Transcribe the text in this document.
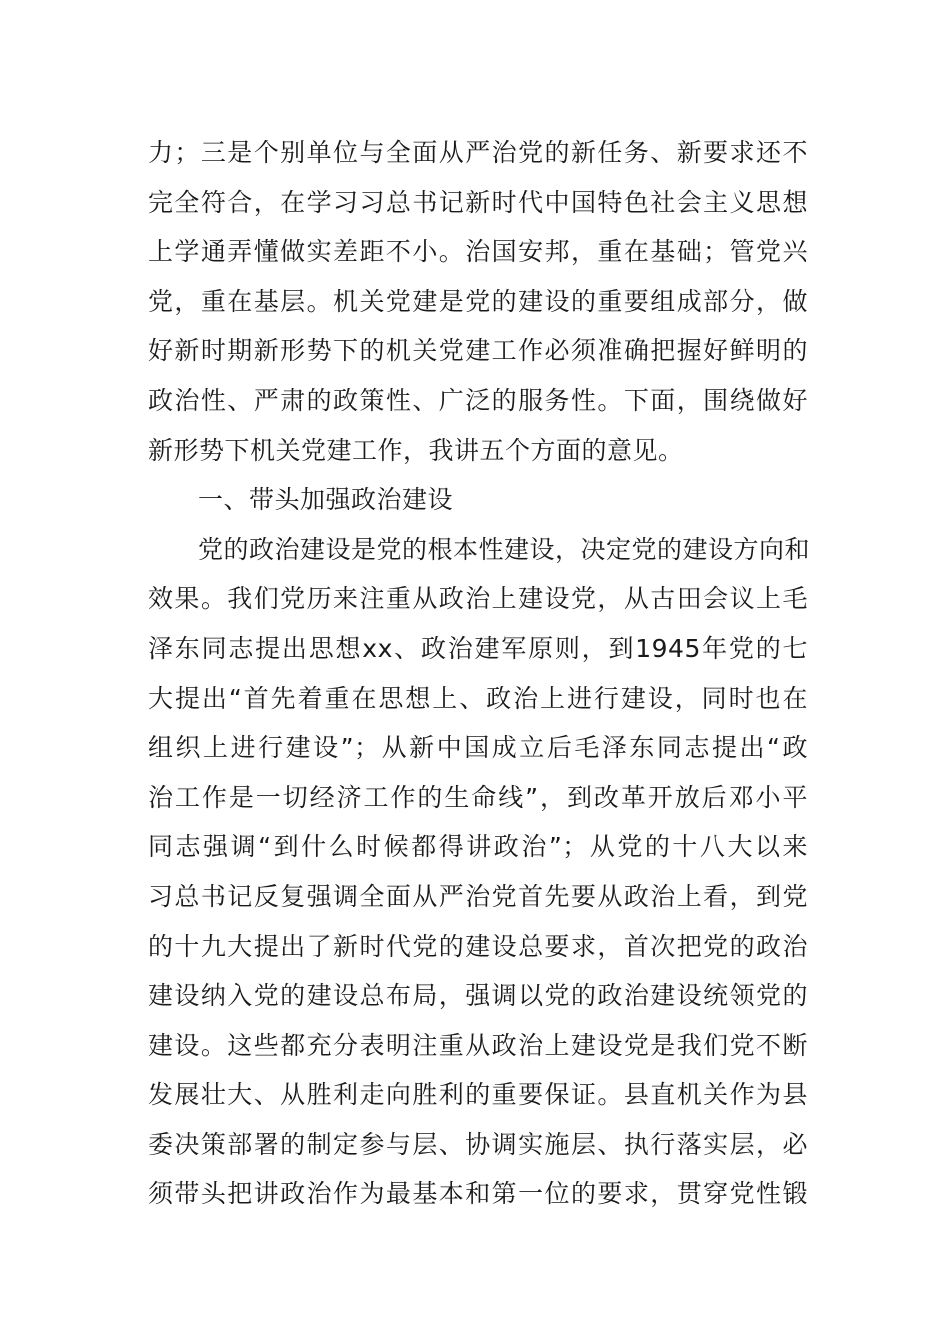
力；三是个别单位与全面从严治党的新任务、新要求还不
完全符合，在学习习总书记新时代中国特色社会主义思想
上学通弄懂做实差距不小。治国安邦，重在基础；管党兴
党，重在基层。机关党建是党的建设的重要组成部分，做
好新时期新形势下的机关党建工作必须准确把握好鲜明的
政治性、严肃的政策性、广泛的服务性。下面，围绕做好
新形势下机关党建工作，我讲五个方面的意见。
一、带头加强政治建设
党的政治建设是党的根本性建设，决定党的建设方向和
效果。我们党历来注重从政治上建设党，从古田会议上毛
泽东同志提出思想xx、政治建军原则，到1945年党的七
大提出“首先着重在思想上、政治上进行建设，同时也在
组织上进行建设”；从新中国成立后毛泽东同志提出“政
治工作是一切经济工作的生命线”，到改革开放后邓小平
同志强调“到什么时候都得讲政治”；从党的十八大以来
习总书记反复强调全面从严治党首先要从政治上看，到党
的十九大提出了新时代党的建设总要求，首次把党的政治
建设纳入党的建设总布局，强调以党的政治建设统领党的
建设。这些都充分表明注重从政治上建设党是我们党不断
发展壮大、从胜利走向胜利的重要保证。县直机关作为县
委决策部署的制定参与层、协调实施层、执行落实层，必
须带头把讲政治作为最基本和第一位的要求，贯穿党性锻
